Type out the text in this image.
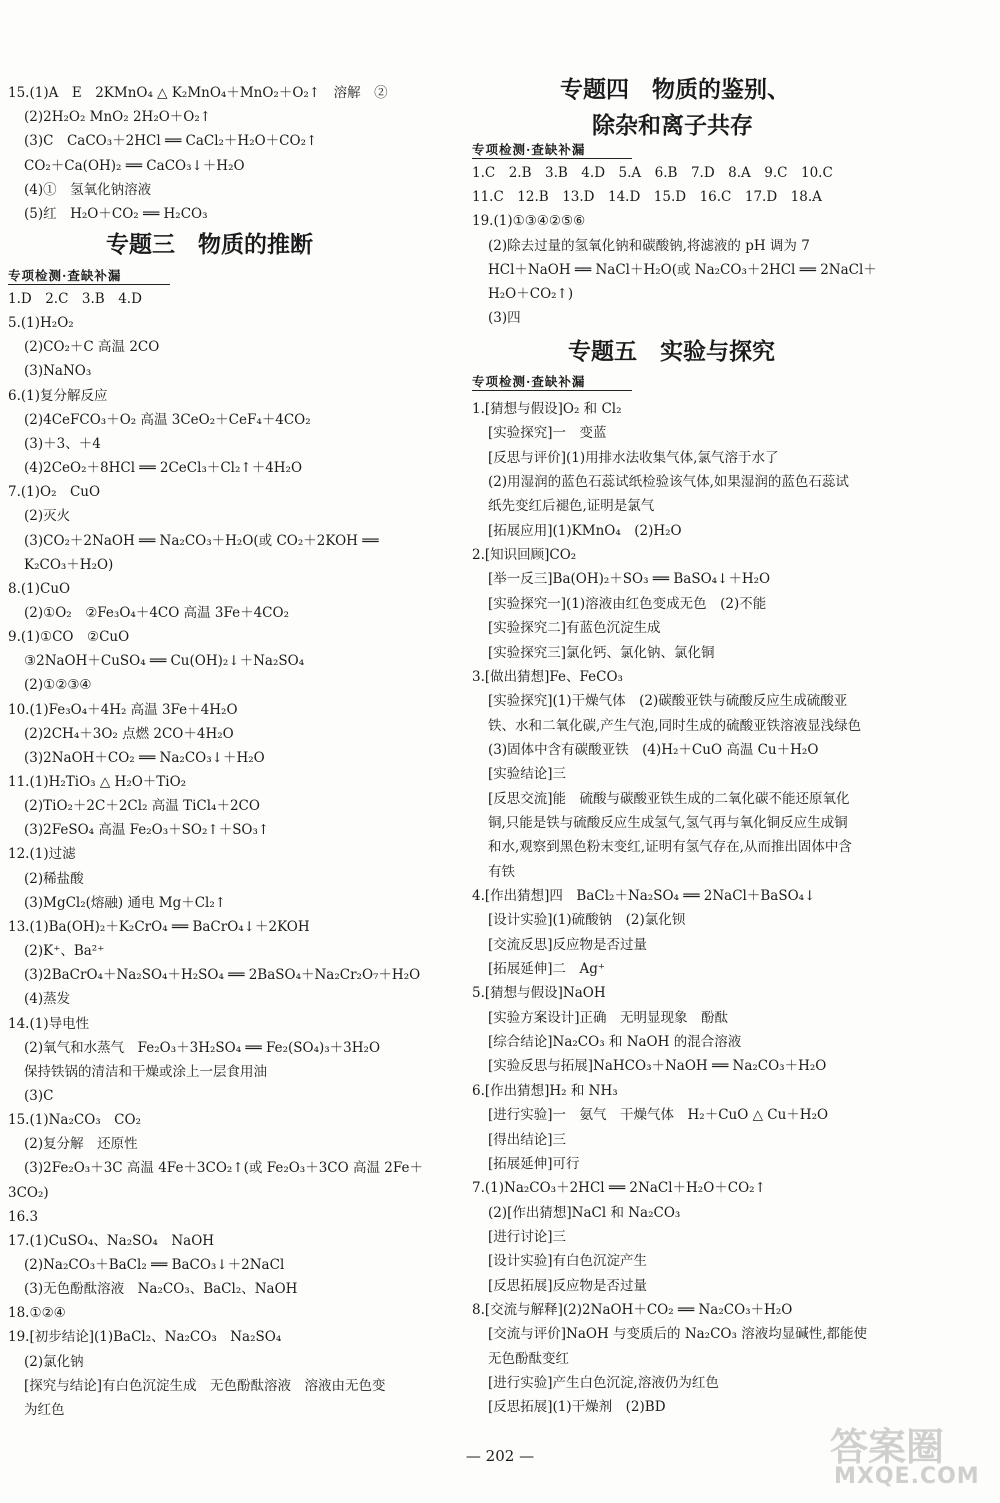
15.(1)A　E　2KMnO₄ △ K₂MnO₄＋MnO₂＋O₂↑　溶解　②
(2)2H₂O₂ MnO₂ 2H₂O＋O₂↑
(3)C　CaCO₃＋2HCl ══ CaCl₂＋H₂O＋CO₂↑
CO₂＋Ca(OH)₂ ══ CaCO₃↓＋H₂O
(4)①　氢氧化钠溶液
(5)红　H₂O＋CO₂ ══ H₂CO₃
专题三　物质的推断
专项检测·查缺补漏
1.D　2.C　3.B　4.D
5.(1)H₂O₂
(2)CO₂＋C 高温 2CO
(3)NaNO₃
6.(1)复分解反应
(2)4CeFCO₃＋O₂ 高温 3CeO₂＋CeF₄＋4CO₂
(3)＋3、＋4
(4)2CeO₂＋8HCl ══ 2CeCl₃＋Cl₂↑＋4H₂O
7.(1)O₂　CuO
(2)灭火
(3)CO₂＋2NaOH ══ Na₂CO₃＋H₂O(或 CO₂＋2KOH ══
K₂CO₃＋H₂O)
8.(1)CuO
(2)①O₂　②Fe₃O₄＋4CO 高温 3Fe＋4CO₂
9.(1)①CO　②CuO
③2NaOH＋CuSO₄ ══ Cu(OH)₂↓＋Na₂SO₄
(2)①②③④
10.(1)Fe₃O₄＋4H₂ 高温 3Fe＋4H₂O
(2)2CH₄＋3O₂ 点燃 2CO＋4H₂O
(3)2NaOH＋CO₂ ══ Na₂CO₃↓＋H₂O
11.(1)H₂TiO₃ △ H₂O＋TiO₂
(2)TiO₂＋2C＋2Cl₂ 高温 TiCl₄＋2CO
(3)2FeSO₄ 高温 Fe₂O₃＋SO₂↑＋SO₃↑
12.(1)过滤
(2)稀盐酸
(3)MgCl₂(熔融) 通电 Mg＋Cl₂↑
13.(1)Ba(OH)₂＋K₂CrO₄ ══ BaCrO₄↓＋2KOH
(2)K⁺、Ba²⁺
(3)2BaCrO₄＋Na₂SO₄＋H₂SO₄ ══ 2BaSO₄＋Na₂Cr₂O₇＋H₂O
(4)蒸发
14.(1)导电性
(2)氧气和水蒸气　Fe₂O₃＋3H₂SO₄ ══ Fe₂(SO₄)₃＋3H₂O
保持铁锅的清洁和干燥或涂上一层食用油
(3)C
15.(1)Na₂CO₃　CO₂
(2)复分解　还原性
(3)2Fe₂O₃＋3C 高温 4Fe＋3CO₂↑(或 Fe₂O₃＋3CO 高温 2Fe＋
3CO₂)
16.3
17.(1)CuSO₄、Na₂SO₄　NaOH
(2)Na₂CO₃＋BaCl₂ ══ BaCO₃↓＋2NaCl
(3)无色酚酞溶液　Na₂CO₃、BaCl₂、NaOH
18.①②④
19.[初步结论](1)BaCl₂、Na₂CO₃　Na₂SO₄
(2)氯化钠
[探究与结论]有白色沉淀生成　无色酚酞溶液　溶液由无色变
为红色
专题四　物质的鉴别、
除杂和离子共存
专项检测·查缺补漏
1.C　2.B　3.B　4.D　5.A　6.B　7.D　8.A　9.C　10.C
11.C　12.B　13.D　14.D　15.D　16.C　17.D　18.A
19.(1)①③④②⑤⑥
(2)除去过量的氢氧化钠和碳酸钠,将滤液的 pH 调为 7
HCl＋NaOH ══ NaCl＋H₂O(或 Na₂CO₃＋2HCl ══ 2NaCl＋
H₂O＋CO₂↑)
(3)四
专题五　实验与探究
专项检测·查缺补漏
1.[猜想与假设]O₂ 和 Cl₂
[实验探究]一　变蓝
[反思与评价](1)用排水法收集气体,氯气溶于水了
(2)用湿润的蓝色石蕊试纸检验该气体,如果湿润的蓝色石蕊试
纸先变红后褪色,证明是氯气
[拓展应用](1)KMnO₄　(2)H₂O
2.[知识回顾]CO₂
[举一反三]Ba(OH)₂＋SO₃ ══ BaSO₄↓＋H₂O
[实验探究一](1)溶液由红色变成无色　(2)不能
[实验探究二]有蓝色沉淀生成
[实验探究三]氯化钙、氯化钠、氯化铜
3.[做出猜想]Fe、FeCO₃
[实验探究](1)干燥气体　(2)碳酸亚铁与硫酸反应生成硫酸亚
铁、水和二氧化碳,产生气泡,同时生成的硫酸亚铁溶液显浅绿色
(3)固体中含有碳酸亚铁　(4)H₂＋CuO 高温 Cu＋H₂O
[实验结论]三
[反思交流]能　硫酸与碳酸亚铁生成的二氧化碳不能还原氧化
铜,只能是铁与硫酸反应生成氢气,氢气再与氧化铜反应生成铜
和水,观察到黑色粉末变红,证明有氢气存在,从而推出固体中含
有铁
4.[作出猜想]四　BaCl₂＋Na₂SO₄ ══ 2NaCl＋BaSO₄↓
[设计实验](1)硫酸钠　(2)氯化钡
[交流反思]反应物是否过量
[拓展延伸]二　Ag⁺
5.[猜想与假设]NaOH
[实验方案设计]正确　无明显现象　酚酞
[综合结论]Na₂CO₃ 和 NaOH 的混合溶液
[实验反思与拓展]NaHCO₃＋NaOH ══ Na₂CO₃＋H₂O
6.[作出猜想]H₂ 和 NH₃
[进行实验]一　氨气　干燥气体　H₂＋CuO △ Cu＋H₂O
[得出结论]三
[拓展延伸]可行
7.(1)Na₂CO₃＋2HCl ══ 2NaCl＋H₂O＋CO₂↑
(2)[作出猜想]NaCl 和 Na₂CO₃
[进行讨论]三
[设计实验]有白色沉淀产生
[反思拓展]反应物是否过量
8.[交流与解释](2)2NaOH＋CO₂ ══ Na₂CO₃＋H₂O
[交流与评价]NaOH 与变质后的 Na₂CO₃ 溶液均显碱性,都能使
无色酚酞变红
[进行实验]产生白色沉淀,溶液仍为红色
[反思拓展](1)干燥剂　(2)BD
— 202 —	答案圈
MXQE.COM
